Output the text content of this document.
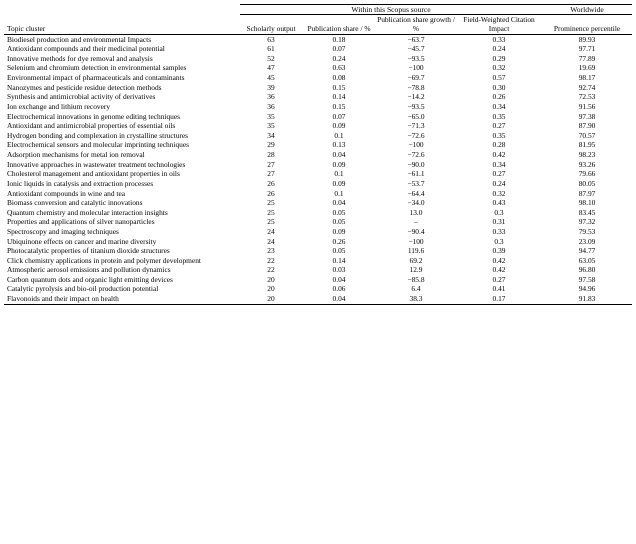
	Within this Scopus source				Worldwide
Topic cluster	Scholarly output	Publication share / %	Publication share growth / %	Field-Weighted Citation Impact	Prominence percentile
Biodiesel production and environmental Impacts	63	0.18	−63.7	0.33	89.93
Antioxidant compounds and their medicinal potential	61	0.07	−45.7	0.24	97.71
Innovative methods for dye removal and analysis	52	0.24	−93.5	0.29	77.89
Selenium and chromium detection in environmental samples	47	0.63	−100	0.32	19.69
Environmental impact of pharmaceuticals and contaminants	45	0.08	−69.7	0.57	98.17
Nanozymes and pesticide residue detection methods	39	0.15	−78.8	0.30	92.74
Synthesis and antimicrobial activity of derivatives	36	0.14	−14.2	0.26	72.53
Ion exchange and lithium recovery	36	0.15	−93.5	0.34	91.56
Electrochemical innovations in genome editing techniques	35	0.07	−65.0	0.35	97.38
Antioxidant and antimicrobial properties of essential oils	35	0.09	−71.3	0.27	87.90
Hydrogen bonding and complexation in crystalline structures	34	0.1	−72.6	0.35	70.57
Electrochemical sensors and molecular imprinting techniques	29	0.13	−100	0.28	81.95
Adsorption mechanisms for metal ion removal	28	0.04	−72.6	0.42	98.23
Innovative approaches in wastewater treatment technologies	27	0.09	−90.0	0.34	93.26
Cholesterol management and antioxidant properties in oils	27	0.1	−61.1	0.27	79.66
Ionic liquids in catalysis and extraction processes	26	0.09	−53.7	0.24	80.05
Antioxidant compounds in wine and tea	26	0.1	−64.4	0.32	87.97
Biomass conversion and catalytic innovations	25	0.04	−34.0	0.43	98.10
Quantum chemistry and molecular interaction insights	25	0.05	13.0	0.3	83.45
Properties and applications of silver nanoparticles	25	0.05	–	0.31	97.32
Spectroscopy and imaging techniques	24	0.09	−90.4	0.33	79.53
Ubiquinone effects on cancer and marine diversity	24	0.26	−100	0.3	23.09
Photocatalytic properties of titanium dioxide structures	23	0.05	119.6	0.39	94.77
Click chemistry applications in protein and polymer development	22	0.14	69.2	0.42	63.05
Atmospheric aerosol emissions and pollution dynamics	22	0.03	12.9	0.42	96.80
Carbon quantum dots and organic light emitting devices	20	0.04	−85.8	0.27	97.58
Catalytic pyrolysis and bio-oil production potential	20	0.06	6.4	0.41	94.96
Flavonoids and their impact on health	20	0.04	38.3	0.17	91.83
